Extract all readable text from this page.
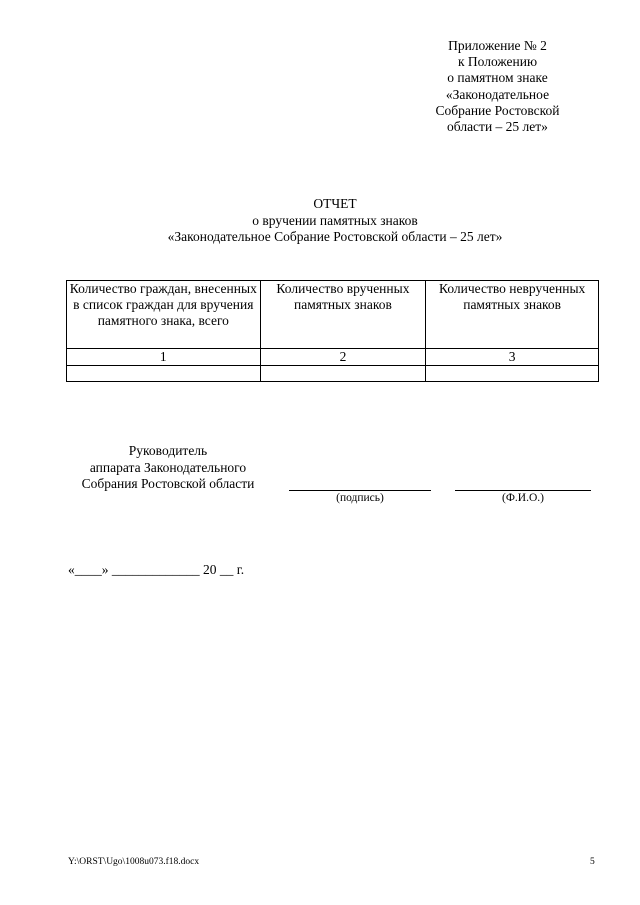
Приложение № 2
к Положению
о памятном знаке
«Законодательное
Собрание Ростовской
области – 25 лет»
ОТЧЕТ
о вручении памятных знаков
«Законодательное Собрание Ростовской области – 25 лет»
Количество граждан, внесенных в список граждан для вручения памятного знака, всего	Количество врученных памятных знаков	Количество неврученных памятных знаков

1	2	3

Руководитель
аппарата Законодательного
Собрания Ростовской области
(подпись)	(Ф.И.О.)
«____» _____________ 20 __ г.
Y:\ORST\Ugo\1008u073.f18.docx	5
